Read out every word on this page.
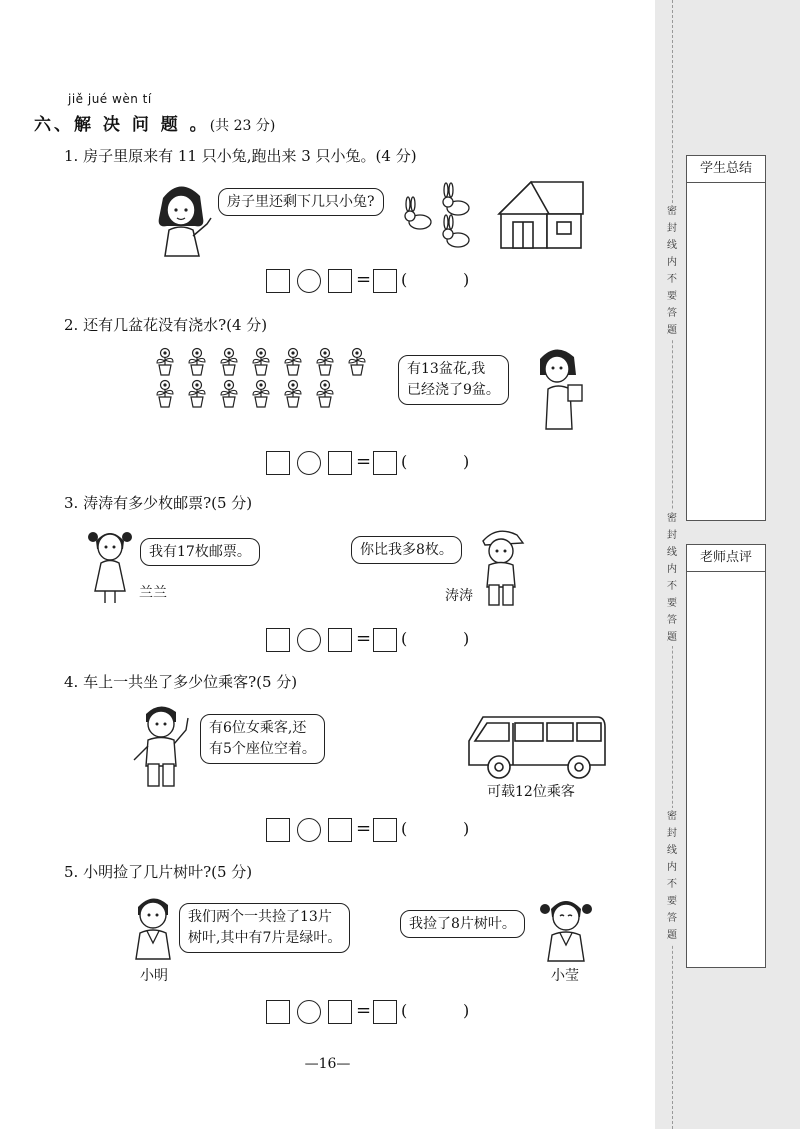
密
封
线
内
不
要
答
题
密
封
线
内
不
要
答
题
密
封
线
内
不
要
答
题
学生总结
老师点评
jiě jué wèn tí
六、解 决 问 题 。(共 23 分)
1. 房子里原来有 11 只小兔,跑出来 3 只小兔。(4 分)
房子里还剩下几只小兔?
= (	)
2. 还有几盆花没有浇水?(4 分)
有13盆花,我
已经浇了9盆。
= (	)
3. 涛涛有多少枚邮票?(5 分)
我有17枚邮票。
兰兰
你比我多8枚。
涛涛
= (	)
4. 车上一共坐了多少位乘客?(5 分)
有6位女乘客,还
有5个座位空着。
可载12位乘客
= (	)
5. 小明捡了几片树叶?(5 分)
小明
我们两个一共捡了13片
树叶,其中有7片是绿叶。
我捡了8片树叶。
小莹
= (	)
—16—
